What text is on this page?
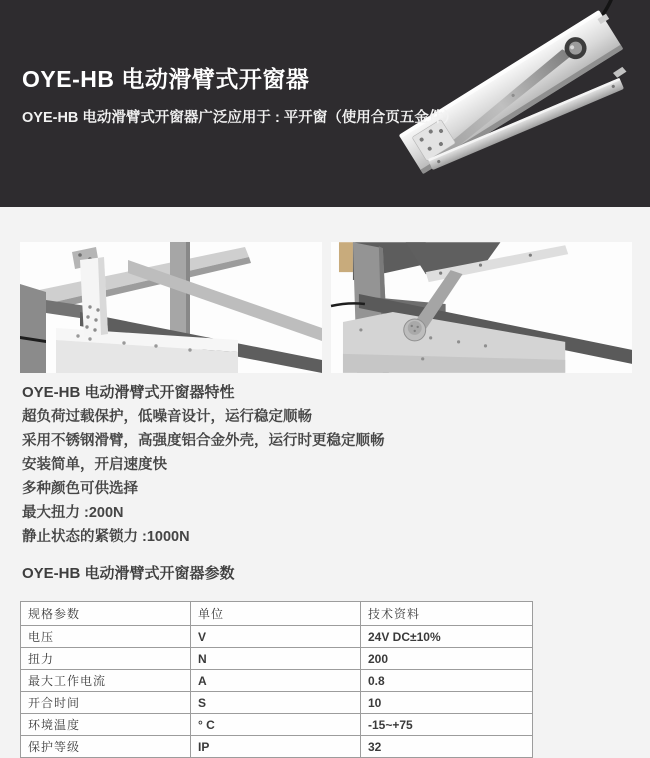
OYE-HB 电动滑臂式开窗器

OYE-HB 电动滑臂式开窗器广泛应用于 : 平开窗（使用合页五金件）

OYE-HB 电动滑臂式开窗器特性
超负荷过载保护，低噪音设计，运行稳定顺畅
采用不锈钢滑臂，高强度铝合金外壳，运行时更稳定顺畅
安装简单，开启速度快
多种颜色可供选择
最大扭力 :200N
静止状态的紧锁力 :1000N
OYE-HB 电动滑臂式开窗器参数
规格参数	单位	技术资料
电压	V	24V DC±10%
扭力	N	200
最大工作电流	A	0.8
开合时间	S	10
环境温度	° C	-15~+75
保护等级	IP	32
